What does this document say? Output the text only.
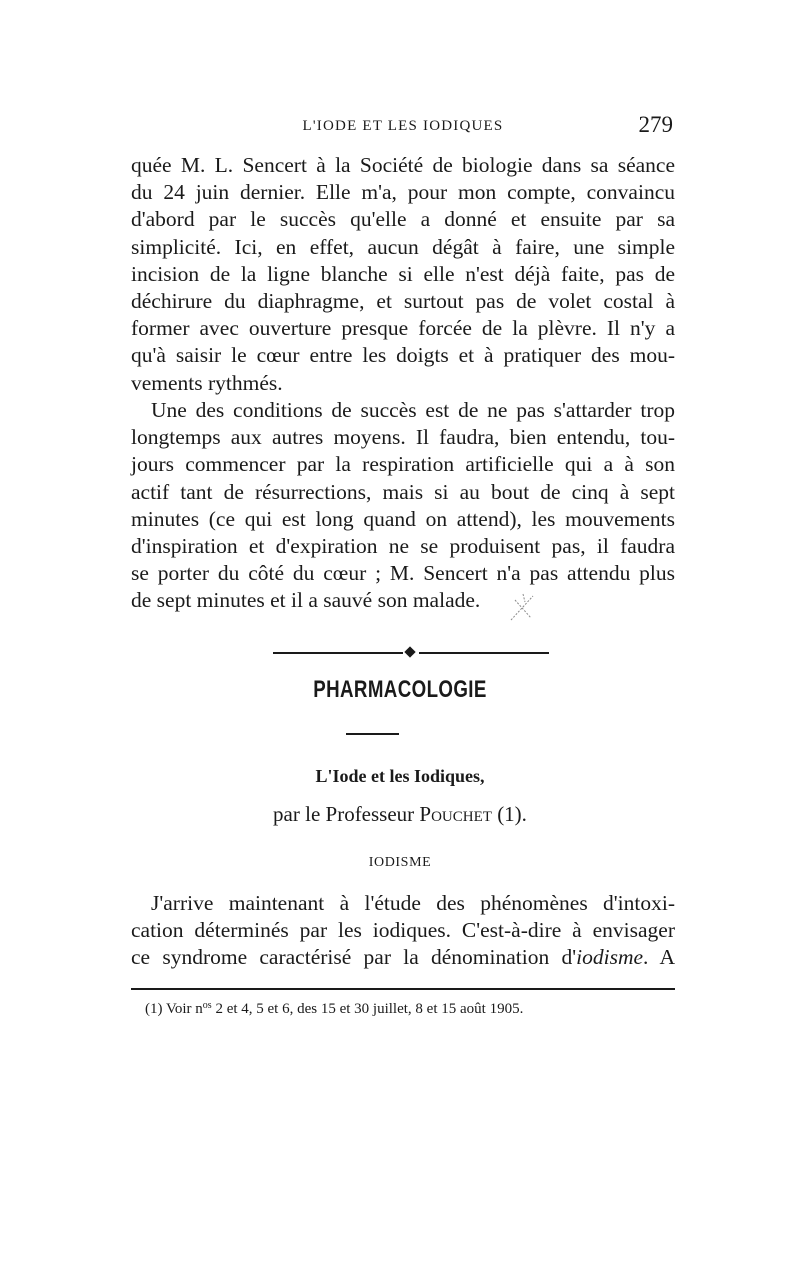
L'IODE ET LES IODIQUES	279
quée M. L. Sencert à la Société de biologie dans sa séance
du 24 juin dernier. Elle m'a, pour mon compte, convaincu
d'abord par le succès qu'elle a donné et ensuite par sa
simplicité. Ici, en effet, aucun dégât à faire, une simple
incision de la ligne blanche si elle n'est déjà faite, pas de
déchirure du diaphragme, et surtout pas de volet costal à
former avec ouverture presque forcée de la plèvre. Il n'y a
qu'à saisir le cœur entre les doigts et à pratiquer des mou-
vements rythmés.
Une des conditions de succès est de ne pas s'attarder trop
longtemps aux autres moyens. Il faudra, bien entendu, tou-
jours commencer par la respiration artificielle qui a à son
actif tant de résurrections, mais si au bout de cinq à sept
minutes (ce qui est long quand on attend), les mouvements
d'inspiration et d'expiration ne se produisent pas, il faudra
se porter du côté du cœur ; M. Sencert n'a pas attendu plus
de sept minutes et il a sauvé son malade.
PHARMACOLOGIE
L'Iode et les Iodiques,
par le Professeur Pouchet (1).
IODISME
J'arrive maintenant à l'étude des phénomènes d'intoxi-
cation déterminés par les iodiques. C'est-à-dire à envisager
ce syndrome caractérisé par la dénomination d'iodisme. A
(1) Voir $n^{os}$ 2 et 4, 5 et 6, des 15 et 30 juillet, 8 et 15 août 1905.
